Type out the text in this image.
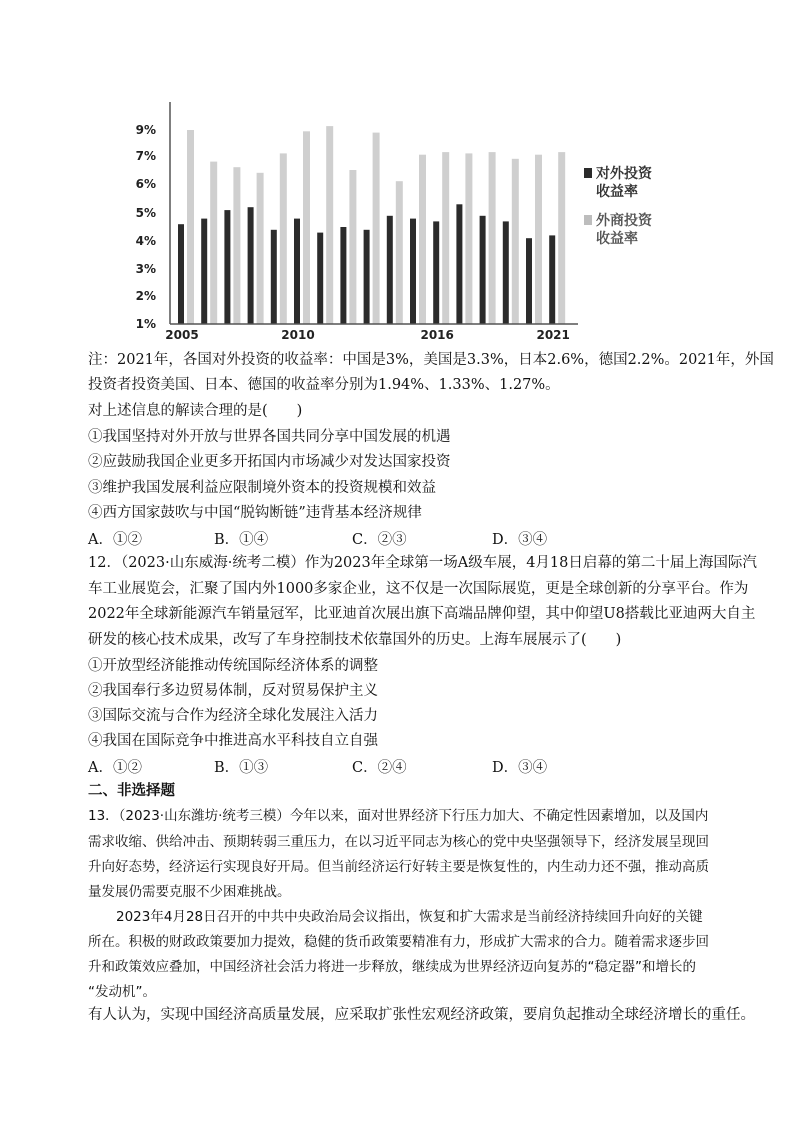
9%
7%
6%
5%
4%
3%
2%
1%
2005	2010	2016	2021
对外投资
收益率
外商投资
收益率
注：2021年，各国对外投资的收益率：中国是3%，美国是3.3%，日本2.6%，德国2.2%。2021年，外国
投资者投资美国、日本、德国的收益率分别为1.94%、1.33%、1.27%。
对上述信息的解读合理的是(　　)
①我国坚持对外开放与世界各国共同分享中国发展的机遇
②应鼓励我国企业更多开拓国内市场减少对发达国家投资
③维护我国发展利益应限制境外资本的投资规模和效益
④西方国家鼓吹与中国“脱钩断链”违背基本经济规律
A．①②	B．①④	C．②③	D．③④
12．（2023·山东威海·统考二模）作为2023年全球第一场A级车展，4月18日启幕的第二十届上海国际汽
车工业展览会，汇聚了国内外1000多家企业，这不仅是一次国际展览，更是全球创新的分享平台。作为
2022年全球新能源汽车销量冠军，比亚迪首次展出旗下高端品牌仰望，其中仰望U8搭载比亚迪两大自主
研发的核心技术成果，改写了车身控制技术依靠国外的历史。上海车展展示了(　　)
①开放型经济能推动传统国际经济体系的调整
②我国奉行多边贸易体制，反对贸易保护主义
③国际交流与合作为经济全球化发展注入活力
④我国在国际竞争中推进高水平科技自立自强
A．①②	B．①③	C．②④	D．③④
二、非选择题
13．（2023·山东潍坊·统考三模）今年以来，面对世界经济下行压力加大、不确定性因素增加，以及国内
需求收缩、供给冲击、预期转弱三重压力，在以习近平同志为核心的党中央坚强领导下，经济发展呈现回
升向好态势，经济运行实现良好开局。但当前经济运行好转主要是恢复性的，内生动力还不强，推动高质
量发展仍需要克服不少困难挑战。
2023年4月28日召开的中共中央政治局会议指出，恢复和扩大需求是当前经济持续回升向好的关键
所在。积极的财政政策要加力提效，稳健的货币政策要精准有力，形成扩大需求的合力。随着需求逐步回
升和政策效应叠加，中国经济社会活力将进一步释放，继续成为世界经济迈向复苏的“稳定器”和增长的
“发动机”。
有人认为，实现中国经济高质量发展，应采取扩张性宏观经济政策，要肩负起推动全球经济增长的重任。
